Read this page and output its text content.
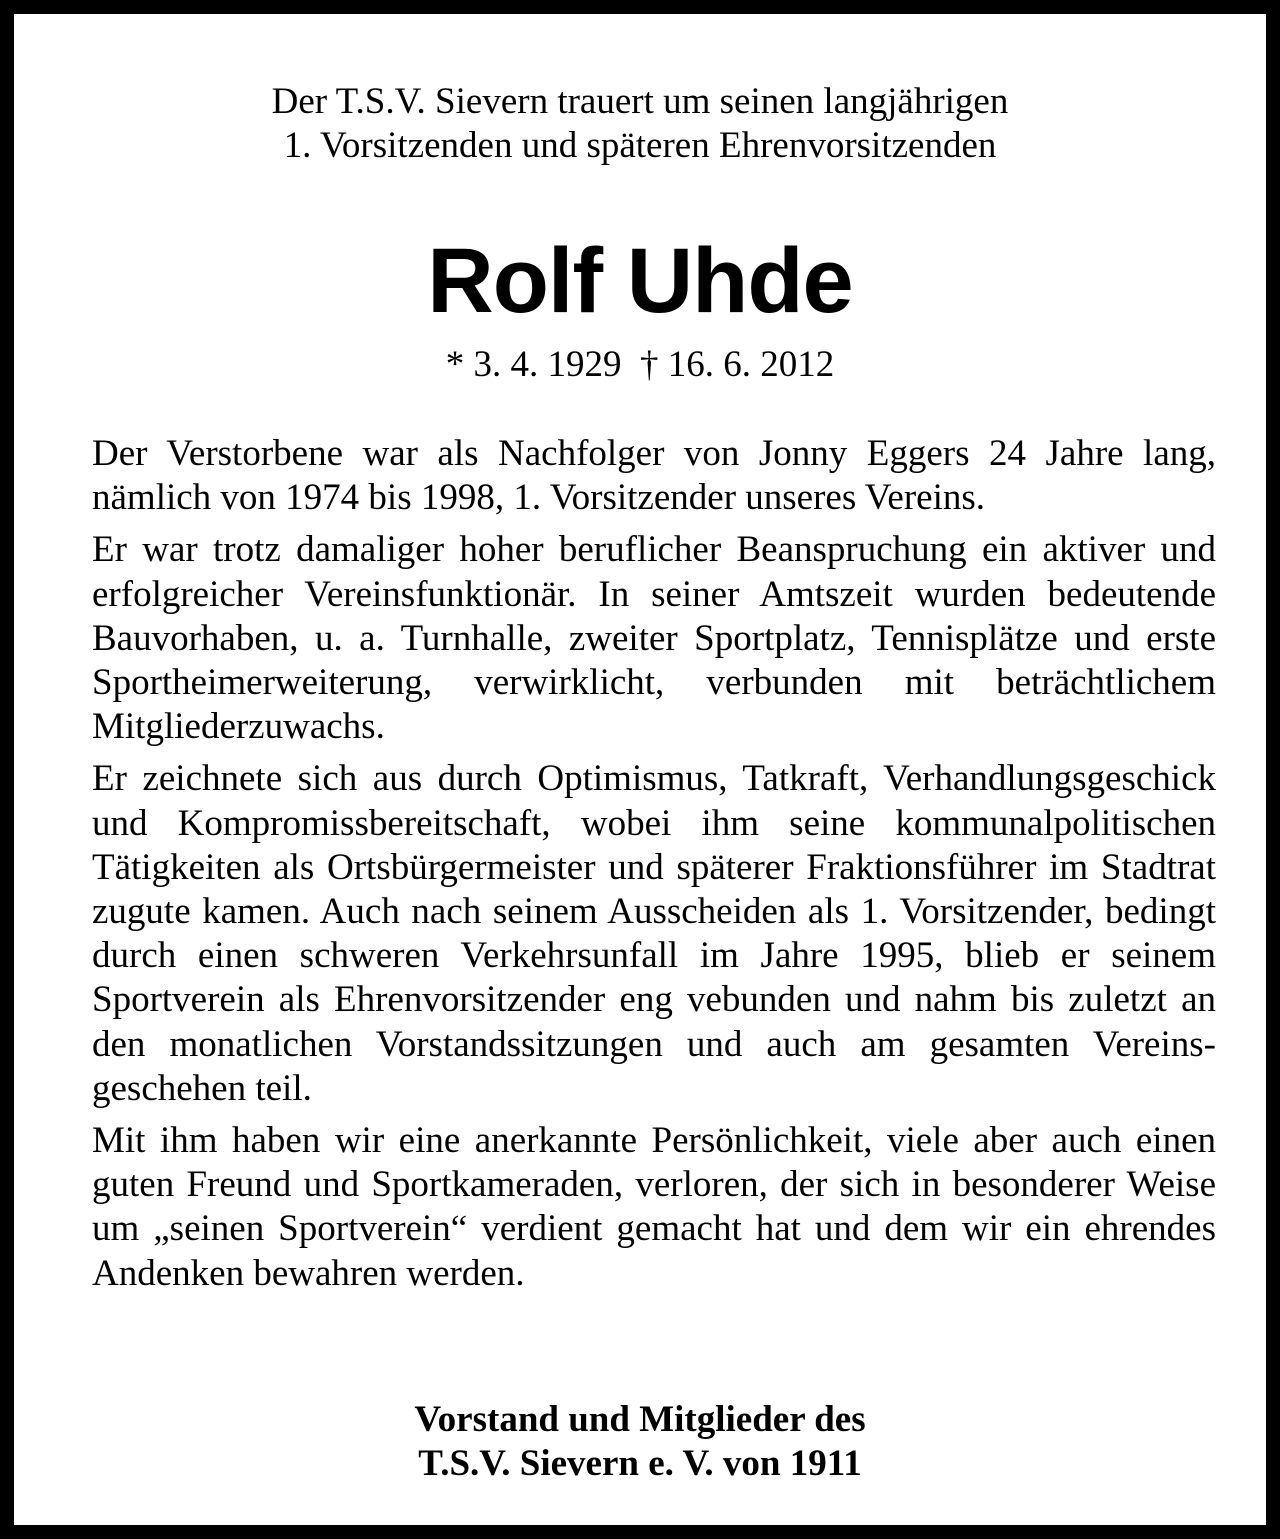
Der T.S.V. Sievern trauert um seinen langjährigen
1. Vorsitzenden und späteren Ehrenvorsitzenden
Rolf Uhde
* 3. 4. 1929  † 16. 6. 2012

Der Verstorbene war als Nachfolger von Jonny Eggers 24 Jahre lang, nämlich von 1974 bis 1998, 1. Vorsitzender unseres Vereins.

Er war trotz damaliger hoher beruflicher Beanspruchung ein aktiver und erfolgreicher Vereinsfunktionär. In seiner Amtszeit wurden bedeutende Bauvorhaben, u. a. Turnhalle, zweiter Sportplatz, Tennisplätze und erste Sportheimerweiterung, verwirklicht, verbunden mit beträchtlichem Mitgliederzuwachs.

Er zeichnete sich aus durch Optimismus, Tatkraft, Verhandlungsgeschick und Kompromissbereitschaft, wobei ihm seine kommunalpolitischen Tätigkeiten als Ortsbürgermeister und späterer Fraktionsführer im Stadtrat zugute kamen. Auch nach seinem Ausscheiden als 1. Vorsitzender, bedingt durch einen schweren Verkehrsunfall im Jahre 1995, blieb er seinem Sportverein als Ehrenvorsitzender eng vebunden und nahm bis zuletzt an den monatlichen Vorstandssitzungen und auch am gesamten Vereinsgeschehen teil.

Mit ihm haben wir eine anerkannte Persönlichkeit, viele aber auch einen guten Freund und Sportkameraden, verloren, der sich in besonderer Weise um „seinen Sportverein“ verdient gemacht hat und dem wir ein ehrendes Andenken bewahren werden.

Vorstand und Mitglieder des
T.S.V. Sievern e. V. von 1911
